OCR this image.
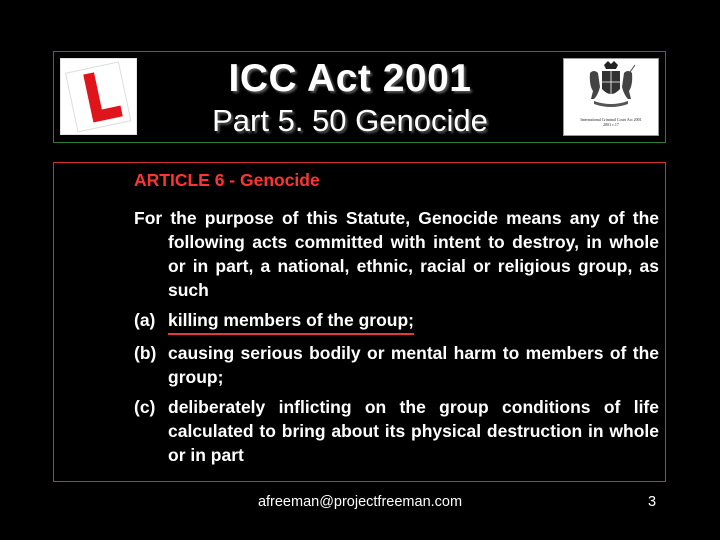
ICC Act 2001
Part 5. 50 Genocide	International Criminal Court Act 2001
2001 c.17
ARTICLE 6 - Genocide
For the purpose of this Statute, Genocide means any of the following acts committed with intent to destroy, in whole or in part, a national, ethnic, racial or religious group, as such
(a) killing members of the group;
(b) causing serious bodily or mental harm to members of the group;
(c) deliberately inflicting on the group conditions of life calculated to bring about its physical destruction in whole or in part
afreeman@projectfreeman.com	3
